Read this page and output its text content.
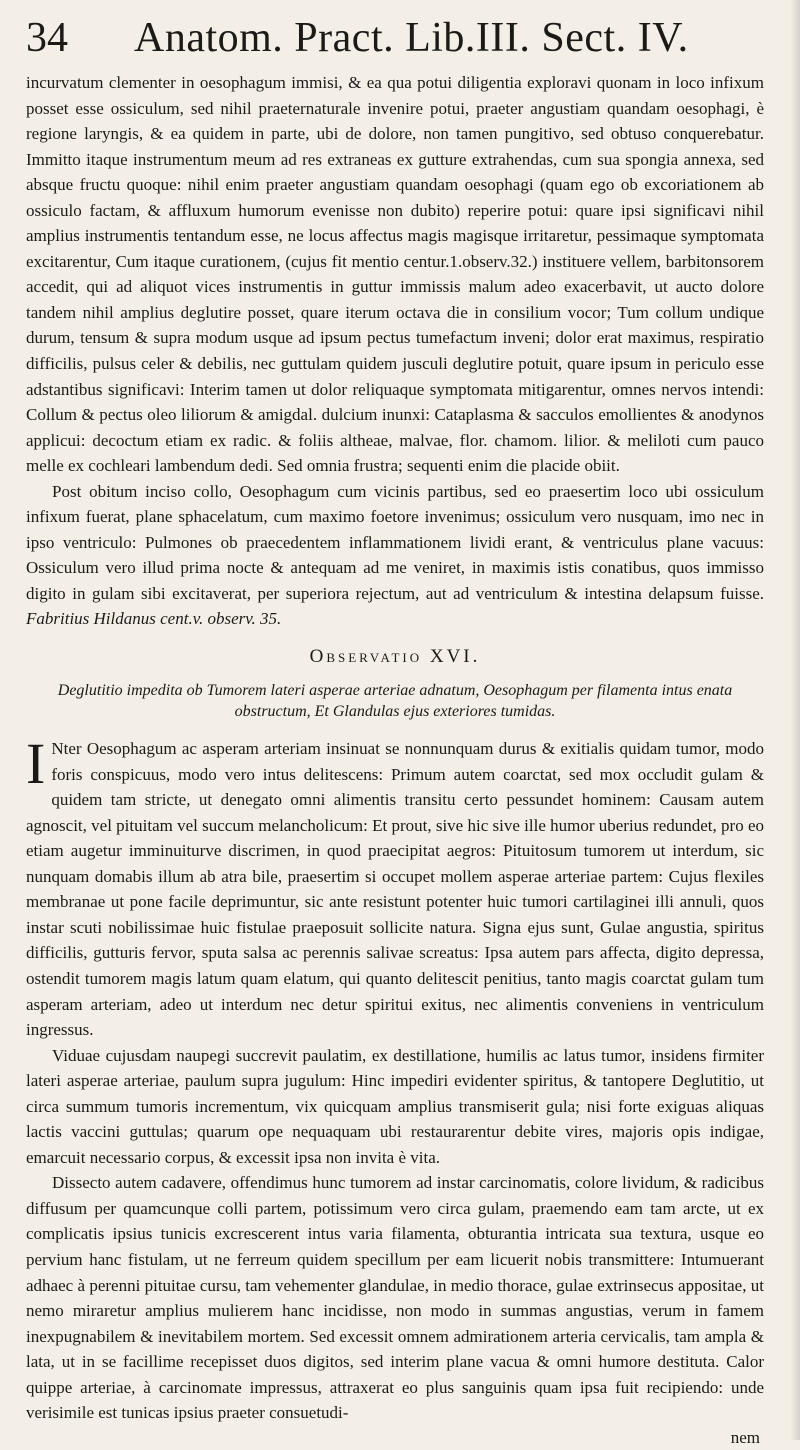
34	Anatom. Pract. Lib.III. Sect. IV.

incurvatum clementer in oesophagum immisi, & ea qua potui diligentia exploravi quonam in loco infixum posset esse ossiculum, sed nihil praeternaturale invenire potui, praeter angustiam quandam oesophagi, è regione laryngis, & ea quidem in parte, ubi de dolore, non tamen pungitivo, sed obtuso conquerebatur. Immitto itaque instrumentum meum ad res extraneas ex gutture extrahendas, cum sua spongia annexa, sed absque fructu quoque: nihil enim praeter angustiam quandam oesophagi (quam ego ob excoriationem ab ossiculo factam, & affluxum humorum evenisse non dubito) reperire potui: quare ipsi significavi nihil amplius instrumentis tentandum esse, ne locus affectus magis magisque irritaretur, pessimaque symptomata excitarentur, Cum itaque curationem, (cujus fit mentio centur.1.observ.32.) instituere vellem, barbitonsorem accedit, qui ad aliquot vices instrumentis in guttur immissis malum adeo exacerbavit, ut aucto dolore tandem nihil amplius deglutire posset, quare iterum octava die in consilium vocor; Tum collum undique durum, tensum & supra modum usque ad ipsum pectus tumefactum inveni; dolor erat maximus, respiratio difficilis, pulsus celer & debilis, nec guttulam quidem jusculi deglutire potuit, quare ipsum in periculo esse adstantibus significavi: Interim tamen ut dolor reliquaque symptomata mitigarentur, omnes nervos intendi: Collum & pectus oleo liliorum & amigdal. dulcium inunxi: Cataplasma & sacculos emollientes & anodynos applicui: decoctum etiam ex radic. & foliis altheae, malvae, flor. chamom. lilior. & meliloti cum pauco melle ex cochleari lambendum dedi. Sed omnia frustra; sequenti enim die placide obiit.

Post obitum inciso collo, Oesophagum cum vicinis partibus, sed eo praesertim loco ubi ossiculum infixum fuerat, plane sphacelatum, cum maximo foetore invenimus; ossiculum vero nusquam, imo nec in ipso ventriculo: Pulmones ob praecedentem inflammationem lividi erant, & ventriculus plane vacuus: Ossiculum vero illud prima nocte & antequam ad me veniret, in maximis istis conatibus, quos immisso digito in gulam sibi excitaverat, per superiora rejectum, aut ad ventriculum & intestina delapsum fuisse. Fabritius Hildanus cent.v. observ. 35.

Observatio XVI.

Deglutitio impedita ob Tumorem lateri asperae arteriae adnatum, Oesophagum per filamenta intus enata obstructum, Et Glandulas ejus exteriores tumidas.

I Nter Oesophagum ac asperam arteriam insinuat se nonnunquam durus & exitialis quidam tumor, modo foris conspicuus, modo vero intus delitescens: Primum autem coarctat, sed mox occludit gulam & quidem tam stricte, ut denegato omni alimentis transitu certo pessundet hominem: Causam autem agnoscit, vel pituitam vel succum melancholicum: Et prout, sive hic sive ille humor uberius redundet, pro eo etiam augetur imminuiturve discrimen, in quod praecipitat aegros: Pituitosum tumorem ut interdum, sic nunquam domabis illum ab atra bile, praesertim si occupet mollem asperae arteriae partem: Cujus flexiles membranae ut pone facile deprimuntur, sic ante resistunt potenter huic tumori cartilaginei illi annuli, quos instar scuti nobilissimae huic fistulae praeposuit sollicite natura. Signa ejus sunt, Gulae angustia, spiritus difficilis, gutturis fervor, sputa salsa ac perennis salivae screatus: Ipsa autem pars affecta, digito depressa, ostendit tumorem magis latum quam elatum, qui quanto delitescit penitius, tanto magis coarctat gulam tum asperam arteriam, adeo ut interdum nec detur spiritui exitus, nec alimentis conveniens in ventriculum ingressus.

Viduae cujusdam naupegi succrevit paulatim, ex destillatione, humilis ac latus tumor, insidens firmiter lateri asperae arteriae, paulum supra jugulum: Hinc impediri evidenter spiritus, & tantopere Deglutitio, ut circa summum tumoris incrementum, vix quicquam amplius transmiserit gula; nisi forte exiguas aliquas lactis vaccini guttulas; quarum ope nequaquam ubi restaurarentur debite vires, majoris opis indigae, emarcuit necessario corpus, & excessit ipsa non invita è vita.

Dissecto autem cadavere, offendimus hunc tumorem ad instar carcinomatis, colore lividum, & radicibus diffusum per quamcunque colli partem, potissimum vero circa gulam, praemendo eam tam arcte, ut ex complicatis ipsius tunicis excrescerent intus varia filamenta, obturantia intricata sua textura, usque eo pervium hanc fistulam, ut ne ferreum quidem specillum per eam licuerit nobis transmittere: Intumuerant adhaec à perenni pituitae cursu, tam vehementer glandulae, in medio thorace, gulae extrinsecus appositae, ut nemo miraretur amplius mulierem hanc incidisse, non modo in summas angustias, verum in famem inexpugnabilem & inevitabilem mortem. Sed excessit omnem admirationem arteria cervicalis, tam ampla & lata, ut in se facillime recepisset duos digitos, sed interim plane vacua & omni humore destituta. Calor quippe arteriae, à carcinomate impressus, attraxerat eo plus sanguinis quam ipsa fuit recipiendo: unde verisimile est tunicas ipsius praeter consuetudi-

nem
